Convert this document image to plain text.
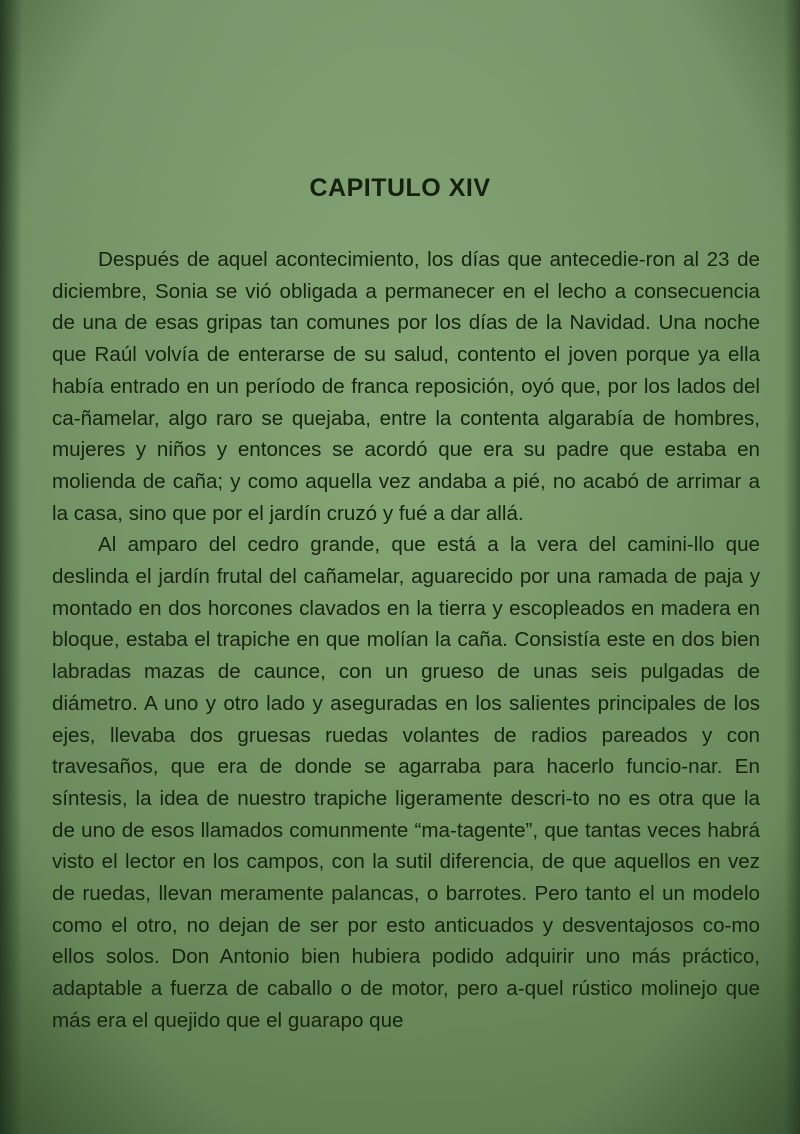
CAPITULO XIV

Después de aquel acontecimiento, los días que antecedie-ron al 23 de diciembre, Sonia se vió obligada a permanecer en el lecho a consecuencia de una de esas gripas tan comunes por los días de la Navidad. Una noche que Raúl volvía de enterarse de su salud, contento el joven porque ya ella había entrado en un período de franca reposición, oyó que, por los lados del ca-ñamelar, algo raro se quejaba, entre la contenta algarabía de hombres, mujeres y niños y entonces se acordó que era su padre que estaba en molienda de caña; y como aquella vez andaba a pié, no acabó de arrimar a la casa, sino que por el jardín cruzó y fué a dar allá.

Al amparo del cedro grande, que está a la vera del camini-llo que deslinda el jardín frutal del cañamelar, aguarecido por una ramada de paja y montado en dos horcones clavados en la tierra y escopleados en madera en bloque, estaba el trapiche en que molían la caña. Consistía este en dos bien labradas mazas de caunce, con un grueso de unas seis pulgadas de diámetro. A uno y otro lado y aseguradas en los salientes principales de los ejes, llevaba dos gruesas ruedas volantes de radios pareados y con travesaños, que era de donde se agarraba para hacerlo funcio-nar. En síntesis, la idea de nuestro trapiche ligeramente descri-to no es otra que la de uno de esos llamados comunmente “ma-tagente”, que tantas veces habrá visto el lector en los campos, con la sutil diferencia, de que aquellos en vez de ruedas, llevan meramente palancas, o barrotes. Pero tanto el un modelo como el otro, no dejan de ser por esto anticuados y desventajosos co-mo ellos solos. Don Antonio bien hubiera podido adquirir uno más práctico, adaptable a fuerza de caballo o de motor, pero a-quel rústico molinejo que más era el quejido que el guarapo que
